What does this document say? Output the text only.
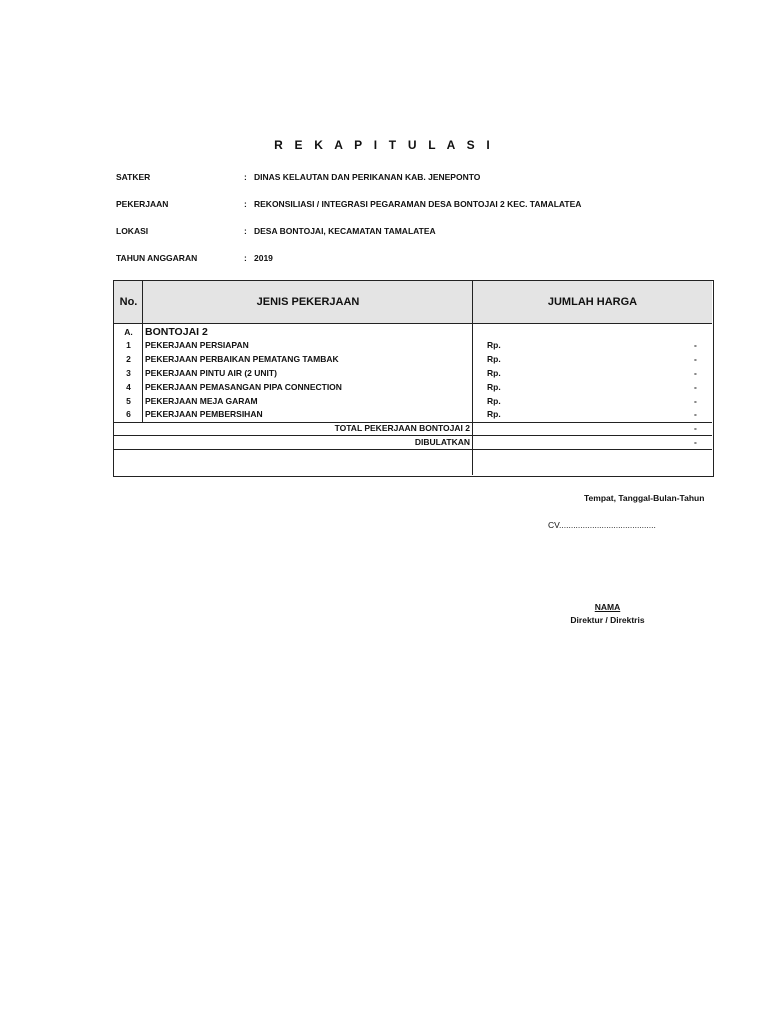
R E K A P I T U L A S I
SATKER	: DINAS KELAUTAN DAN PERIKANAN KAB. JENEPONTO
PEKERJAAN	: REKONSILIASI / INTEGRASI PEGARAMAN DESA BONTOJAI 2 KEC. TAMALATEA
LOKASI	: DESA BONTOJAI, KECAMATAN TAMALATEA
TAHUN ANGGARAN	: 2019
No.	JENIS PEKERJAAN	JUMLAH HARGA
A.	BONTOJAI 2
1	PEKERJAAN PERSIAPAN	Rp.	-
2	PEKERJAAN PERBAIKAN PEMATANG TAMBAK	Rp.	-
3	PEKERJAAN PINTU AIR (2 UNIT)	Rp.	-
4	PEKERJAAN PEMASANGAN PIPA CONNECTION	Rp.	-
5	PEKERJAAN MEJA GARAM	Rp.	-
6	PEKERJAAN PEMBERSIHAN	Rp.	-
TOTAL PEKERJAAN BONTOJAI 2	-
DIBULATKAN	-
Tempat, Tanggal-Bulan-Tahun
CV.........................................
NAMA
Direktur / Direktris
